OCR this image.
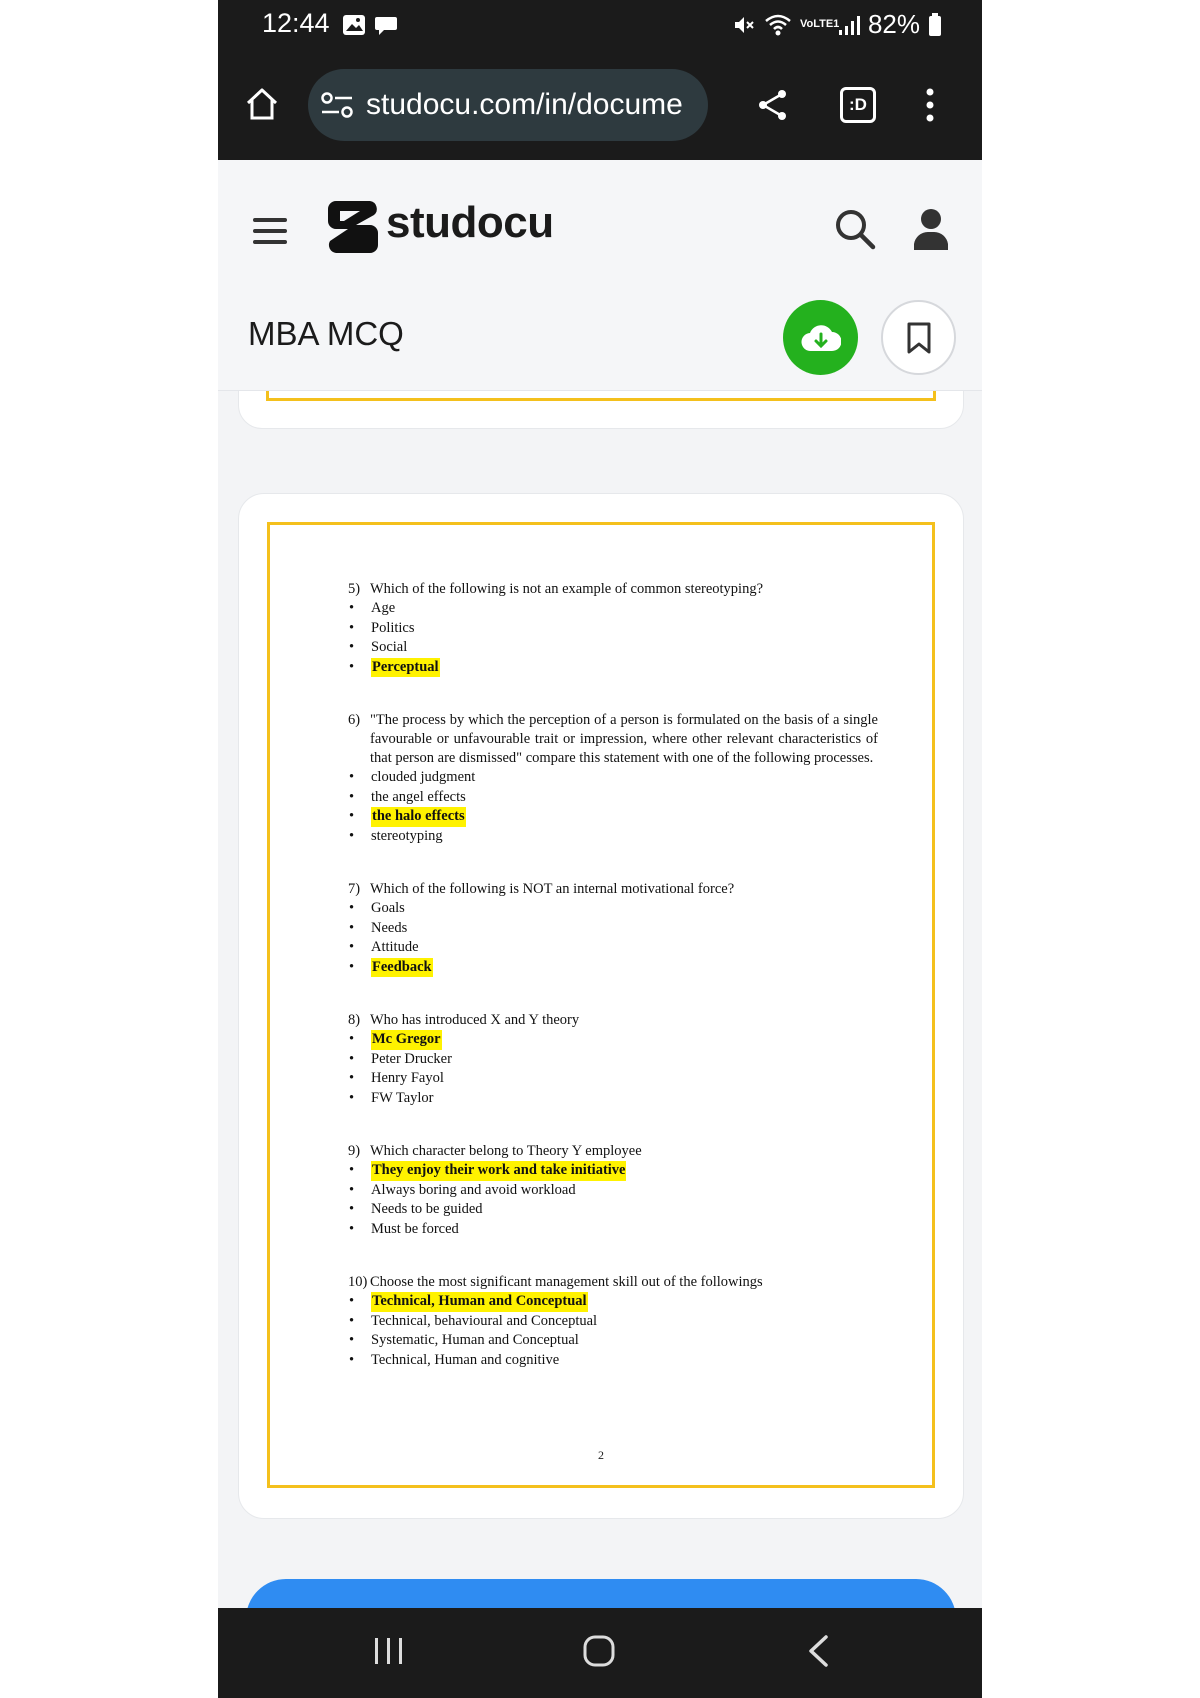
12:44	VoLTE1 82%
studocu.com/in/docume	:D
studocu
MBA MCQ
5) Which of the following is not an example of common stereotyping?
•	Age
•	Politics
•	Social
•	Perceptual
6) "The process by which the perception of a person is formulated on the basis of a single favourable or unfavourable trait or impression, where other relevant characteristics of that person are dismissed" compare this statement with one of the following processes.
•	clouded judgment
•	the angel effects
•	the halo effects
•	stereotyping
7) Which of the following is NOT an internal motivational force?
•	Goals
•	Needs
•	Attitude
•	Feedback
8) Who has introduced X and Y theory
•	Mc Gregor
•	Peter Drucker
•	Henry Fayol
•	FW Taylor
9) Which character belong to Theory Y employee
•	They enjoy their work and take initiative
•	Always boring and avoid workload
•	Needs to be guided
•	Must be forced
10) Choose the most significant management skill out of the followings
•	Technical, Human and Conceptual
•	Technical, behavioural and Conceptual
•	Systematic, Human and Conceptual
•	Technical, Human and cognitive
2
